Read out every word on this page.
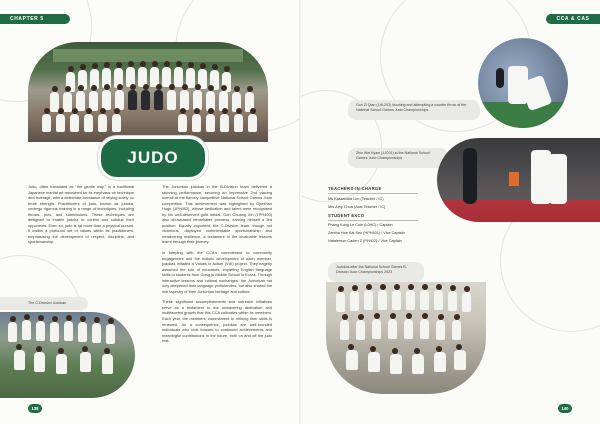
CHAPTER 5
JUDO
Judo, often translated as "the gentle way," is a traditional Japanese martial art renowned for its emphasis on technique and leverage, with a deliberate avoidance of relying solely on brute strength. Practitioners of judo, known as judoka, undergo rigorous training in a range of techniques, including throws, pins, and submissions. These techniques are designed to enable judoka to control and subdue their opponents. Even so, judo is far more than a physical pursuit. It instills a profound set of values within its practitioners, emphasising the development of respect, discipline, and sportsmanship.
The Juniorkan judokas in the B-Division team delivered a stunning performance, securing an impressive 2nd placing overall at the fiercely competitive National School Games Judo competition. This achievement was highlighted by Djunthan Hugo (1PH402), whose dedication and talent were recognised by his well-deserved gold medal. Goh Chuang Xin (1PH403) also showcased remarkable prowess, earning himself a 3rd position. Equally important, the C-Division team, though not victorious, displayed commendable sportsmanship and unwavering resilience, a testament to the invaluable lessons learnt through their journey.
In keeping with the CCA's commitment to community engagement and the holistic development of each member, judokas initiated a Values in Action (VIA) project. They eagerly assumed the role of educators, imparting English language skills to students from Gong-ju Middle School in Korea. Through interactive lessons and cultural exchanges, the Juniorkan not only deepened their language proficiencies, but also shared the rich tapestry of their Juniorkan heritage and culture.
These significant accomplishments and outreach initiatives serve as a testament to the unwavering dedication and multifaceted growth that this CCA cultivates within its members. Each year, the members' commitment to refining their skills is renewed. As a consequence, judokas are well-rounded individuals who look forward to continued achievements and meaningful contributions in the future, both on and off the judo mat.
The C-Division Judokas
138
CCA & CAS
Goh Zi Qian (1HL203) blocking and attempting a counter throw at the National School Games Judo Championships
Zhin Wei Kyaw (1JC01) at the National School Games Judo Championships
Judokas after the National School Games B-Division Judo Championships 2023
140
TEACHERS-IN-CHARGE
Ms Kassandra Lim (Teacher / IC)
Mrs Amy Chua (Asst Teacher / IC)
STUDENT EXCO
Phang Kong Le Cole (L0HC) / Captain
Zentha Hoe Kai Seo (HPH401) / Vice Captain
Natalerson Caden Z (PH402) / Vice Captain
